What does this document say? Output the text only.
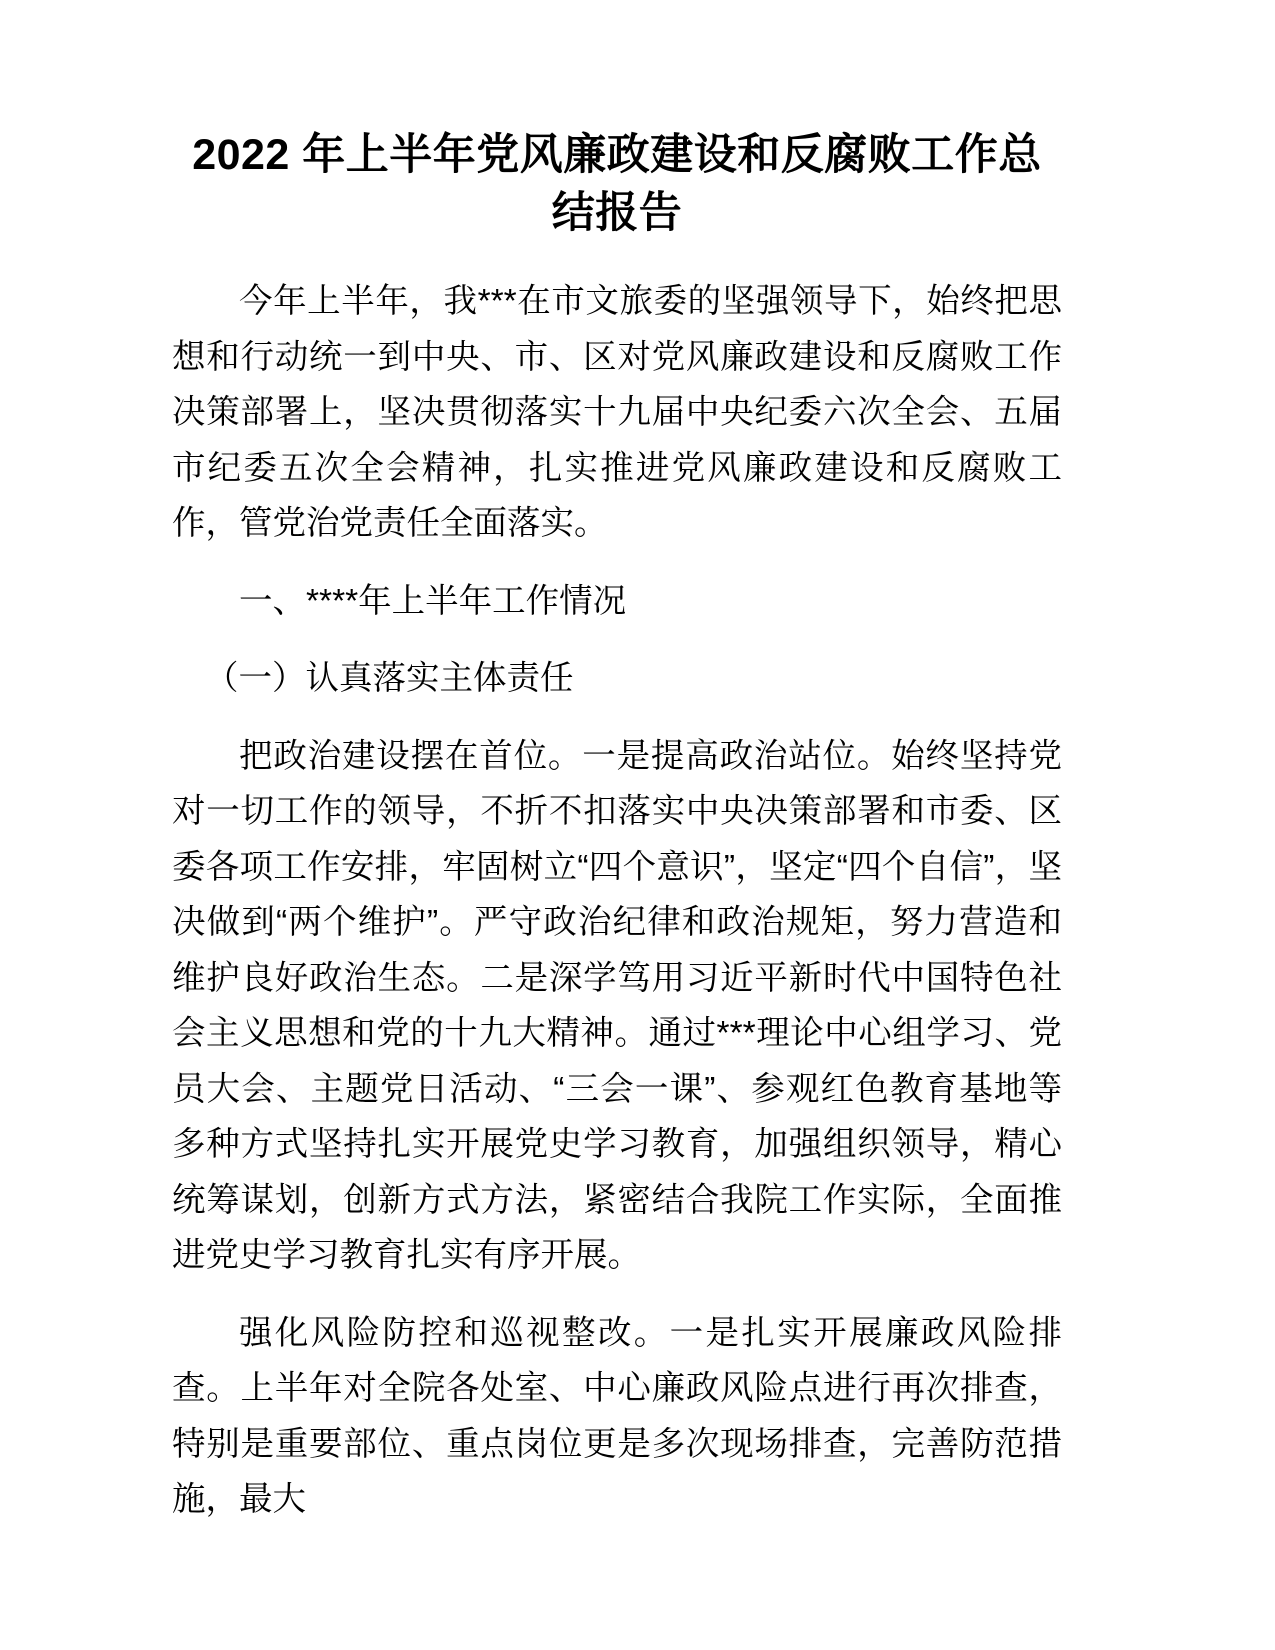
2022 年上半年党风廉政建设和反腐败工作总结报告

今年上半年，我***在市文旅委的坚强领导下，始终把思想和行动统一到中央、市、区对党风廉政建设和反腐败工作决策部署上，坚决贯彻落实十九届中央纪委六次全会、五届市纪委五次全会精神，扎实推进党风廉政建设和反腐败工作，管党治党责任全面落实。

一、****年上半年工作情况

（一）认真落实主体责任

把政治建设摆在首位。一是提高政治站位。始终坚持党对一切工作的领导，不折不扣落实中央决策部署和市委、区委各项工作安排，牢固树立“四个意识”，坚定“四个自信”，坚决做到“两个维护”。严守政治纪律和政治规矩，努力营造和维护良好政治生态。二是深学笃用习近平新时代中国特色社会主义思想和党的十九大精神。通过***理论中心组学习、党员大会、主题党日活动、“三会一课”、参观红色教育基地等多种方式坚持扎实开展党史学习教育，加强组织领导，精心统筹谋划，创新方式方法，紧密结合我院工作实际，全面推进党史学习教育扎实有序开展。

强化风险防控和巡视整改。一是扎实开展廉政风险排查。上半年对全院各处室、中心廉政风险点进行再次排查，特别是重要部位、重点岗位更是多次现场排查，完善防范措施，最大
